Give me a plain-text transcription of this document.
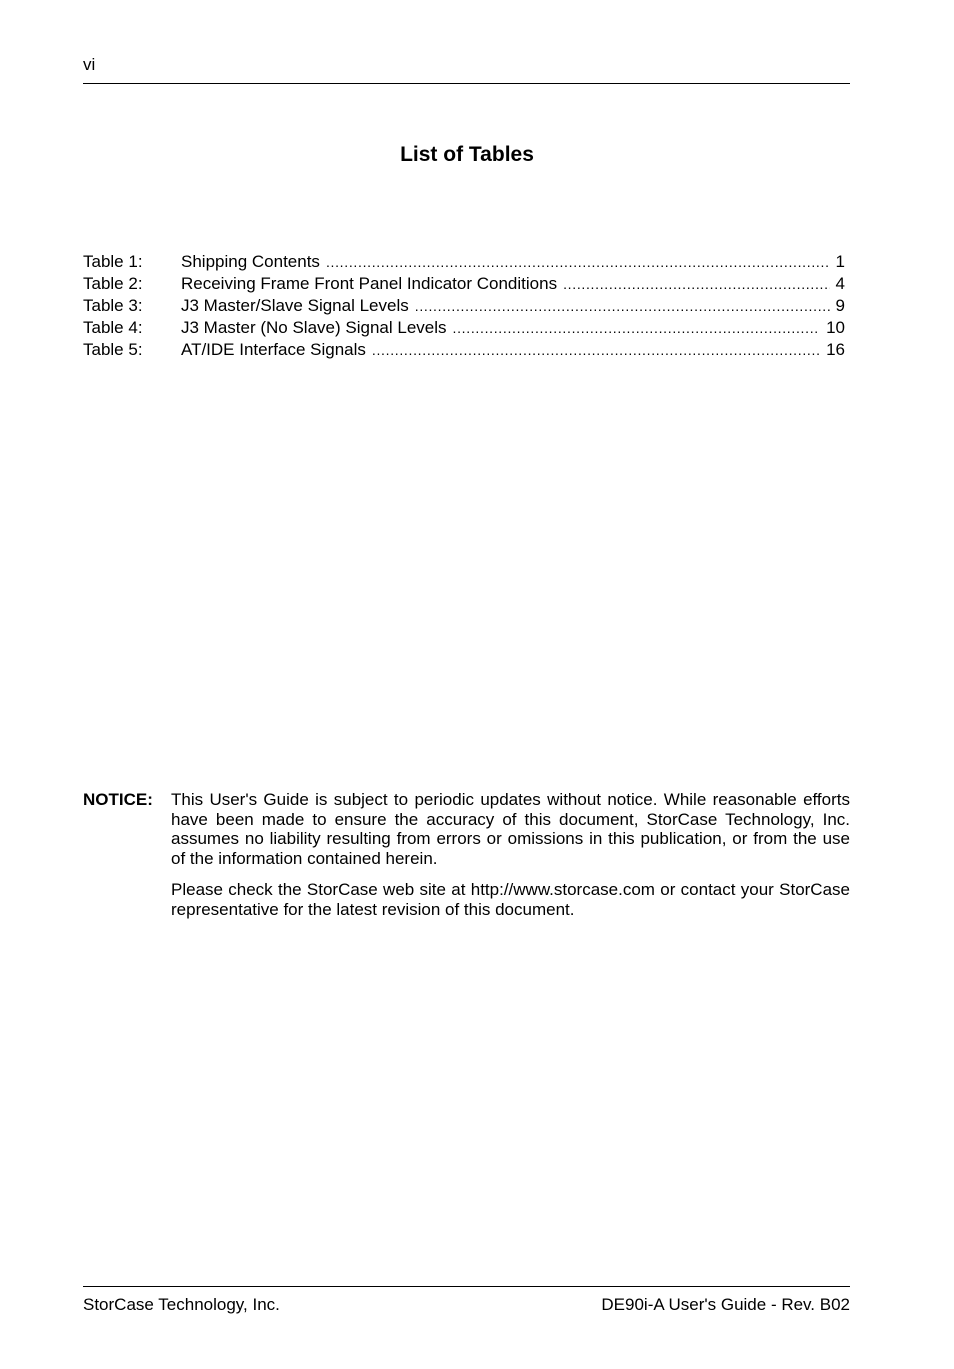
vi
List of Tables
Table 1:	Shipping Contents . . .	1
Table 2:	Receiving Frame Front Panel Indicator Conditions . . .	4
Table 3:	J3 Master/Slave Signal Levels . . .	9
Table 4:	J3 Master (No Slave) Signal Levels . . .	10
Table 5:	AT/IDE Interface Signals . . .	16
NOTICE: This User's Guide is subject to periodic updates without notice. While reasonable efforts have been made to ensure the accuracy of this document, StorCase Technology, Inc. assumes no liability resulting from errors or omissions in this publication, or from the use of the information contained herein.

Please check the StorCase web site at http://www.storcase.com or contact your StorCase representative for the latest revision of this document.

StorCase Technology, Inc.	DE90i-A User's Guide - Rev. B02
